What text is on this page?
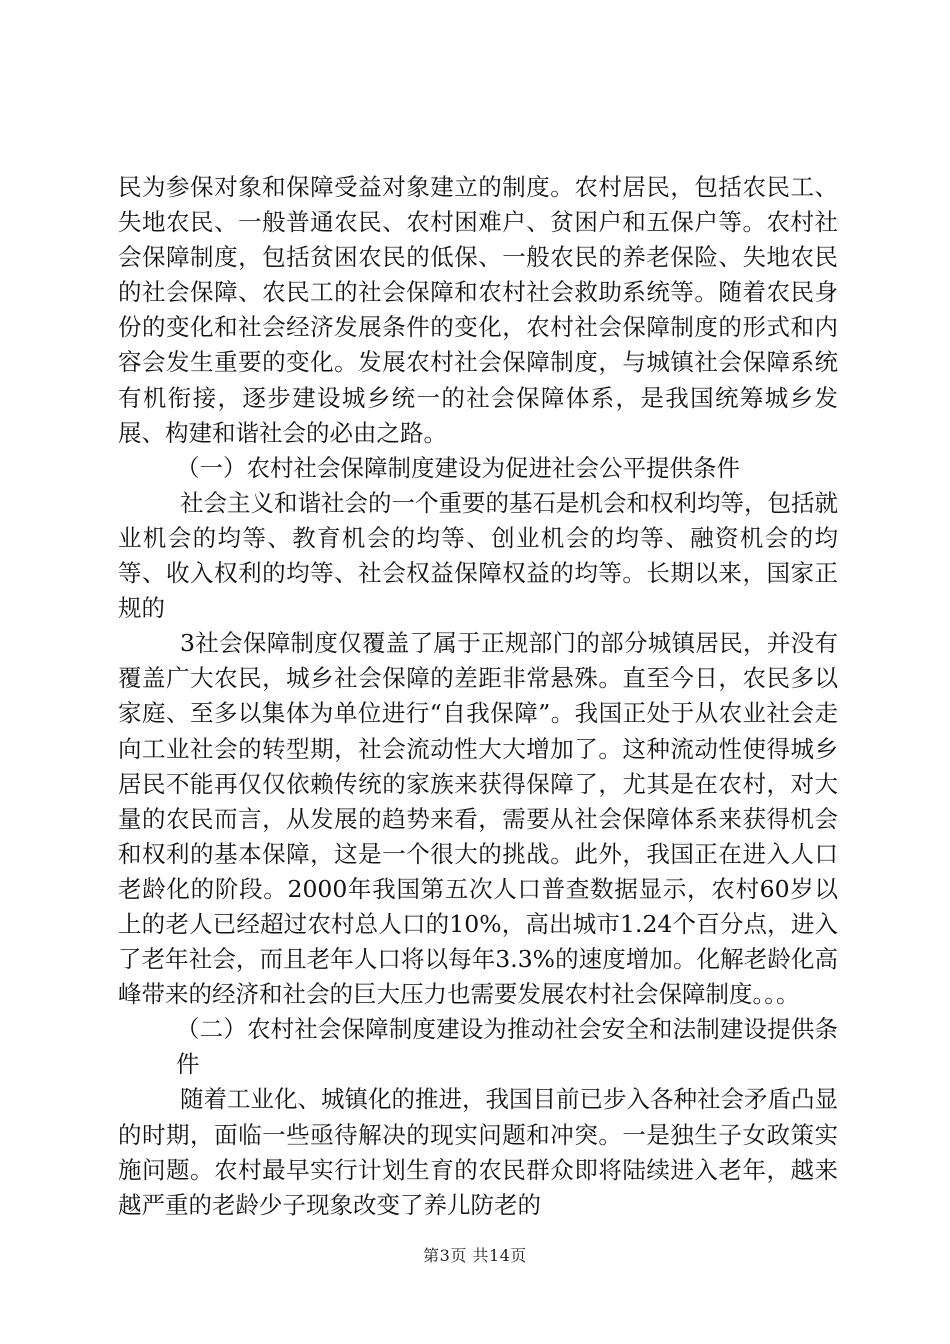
民为参保对象和保障受益对象建立的制度。农村居民，包括农民工、失地农民、一般普通农民、农村困难户、贫困户和五保户等。农村社会保障制度，包括贫困农民的低保、一般农民的养老保险、失地农民的社会保障、农民工的社会保障和农村社会救助系统等。随着农民身份的变化和社会经济发展条件的变化，农村社会保障制度的形式和内容会发生重要的变化。发展农村社会保障制度，与城镇社会保障系统有机衔接，逐步建设城乡统一的社会保障体系，是我国统筹城乡发展、构建和谐社会的必由之路。

（一）农村社会保障制度建设为促进社会公平提供条件

社会主义和谐社会的一个重要的基石是机会和权利均等，包括就业机会的均等、教育机会的均等、创业机会的均等、融资机会的均等、收入权利的均等、社会权益保障权益的均等。长期以来，国家正规的

3社会保障制度仅覆盖了属于正规部门的部分城镇居民，并没有覆盖广大农民，城乡社会保障的差距非常悬殊。直至今日，农民多以家庭、至多以集体为单位进行“自我保障”。我国正处于从农业社会走向工业社会的转型期，社会流动性大大增加了。这种流动性使得城乡居民不能再仅仅依赖传统的家族来获得保障了，尤其是在农村，对大量的农民而言，从发展的趋势来看，需要从社会保障体系来获得机会和权利的基本保障，这是一个很大的挑战。此外，我国正在进入人口老龄化的阶段。2000年我国第五次人口普查数据显示，农村60岁以上的老人已经超过农村总人口的10%，高出城市1.24个百分点，进入了老年社会，而且老年人口将以每年3.3%的速度增加。化解老龄化高峰带来的经济和社会的巨大压力也需要发展农村社会保障制度。。。

（二）农村社会保障制度建设为推动社会安全和法制建设提供条件

随着工业化、城镇化的推进，我国目前已步入各种社会矛盾凸显的时期，面临一些亟待解决的现实问题和冲突。一是独生子女政策实施问题。农村最早实行计划生育的农民群众即将陆续进入老年，越来越严重的老龄少子现象改变了养儿防老的

第3页 共14页
